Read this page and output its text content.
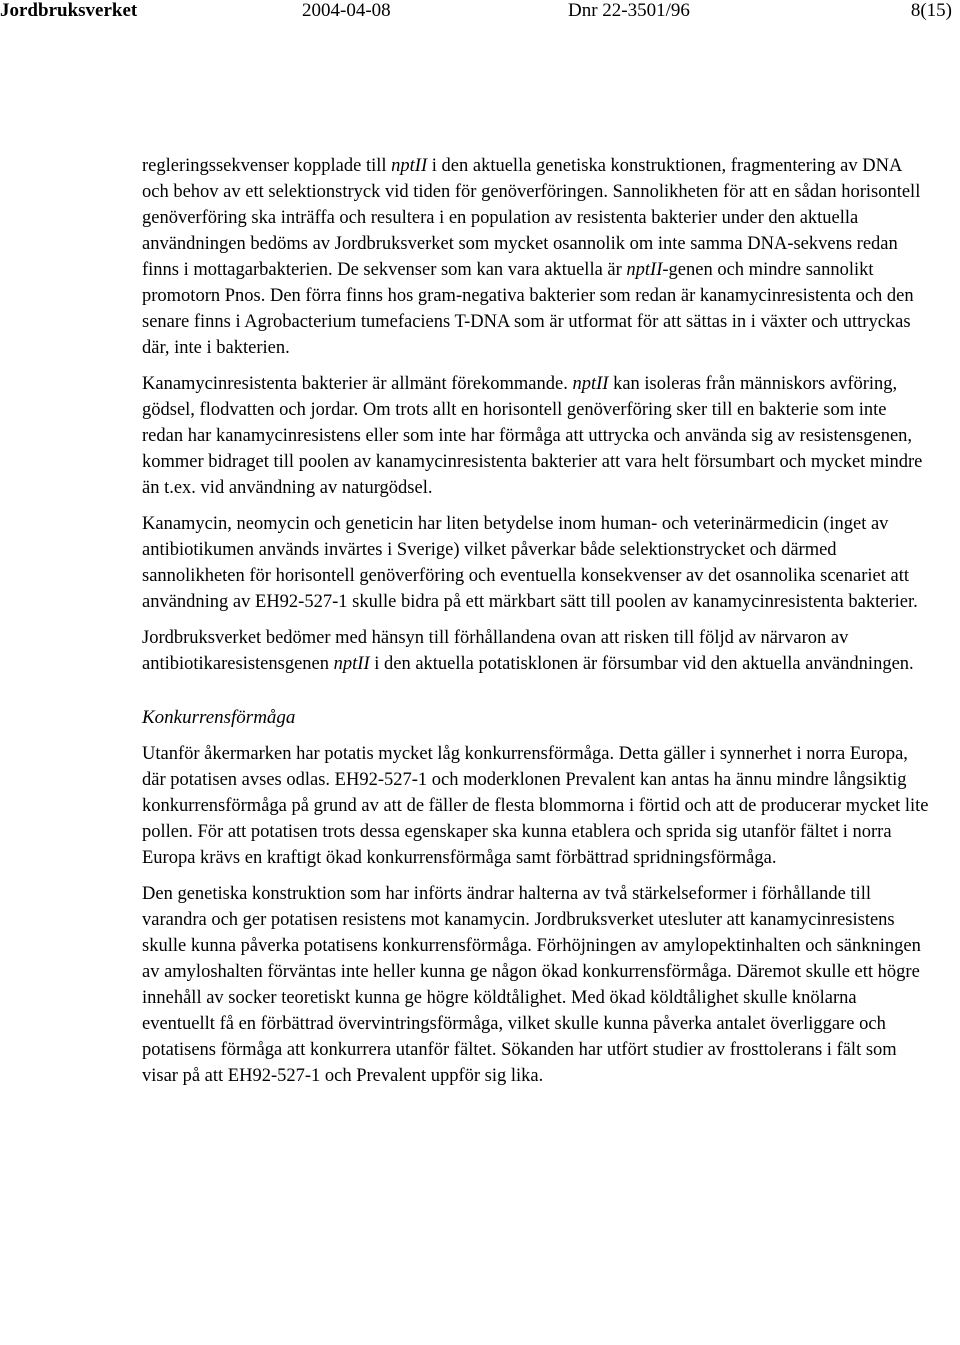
Jordbruksverket	2004-04-08	Dnr 22-3501/96	8(15)

regleringssekvenser kopplade till nptII i den aktuella genetiska konstruktionen, fragmentering av DNA och behov av ett selektionstryck vid tiden för genöverföringen. Sannolikheten för att en sådan horisontell genöverföring ska inträffa och resultera i en population av resistenta bakterier under den aktuella användningen bedöms av Jordbruksverket som mycket osannolik om inte samma DNA-sekvens redan finns i mottagarbakterien. De sekvenser som kan vara aktuella är nptII-genen och mindre sannolikt promotorn Pnos. Den förra finns hos gram-negativa bakterier som redan är kanamycinresistenta och den senare finns i Agrobacterium tumefaciens T-DNA som är utformat för att sättas in i växter och uttryckas där, inte i bakterien.

Kanamycinresistenta bakterier är allmänt förekommande. nptII kan isoleras från människors avföring, gödsel, flodvatten och jordar. Om trots allt en horisontell genöverföring sker till en bakterie som inte redan har kanamycinresistens eller som inte har förmåga att uttrycka och använda sig av resistensgenen, kommer bidraget till poolen av kanamycinresistenta bakterier att vara helt försumbart och mycket mindre än t.ex. vid användning av naturgödsel.

Kanamycin, neomycin och geneticin har liten betydelse inom human- och veterinärmedicin (inget av antibiotikumen används invärtes i Sverige) vilket påverkar både selektionstrycket och därmed sannolikheten för horisontell genöverföring och eventuella konsekvenser av det osannolika scenariet att användning av EH92-527-1 skulle bidra på ett märkbart sätt till poolen av kanamycinresistenta bakterier.

Jordbruksverket bedömer med hänsyn till förhållandena ovan att risken till följd av närvaron av antibiotikaresistensgenen nptII i den aktuella potatisklonen är försumbar vid den aktuella användningen.

Konkurrensförmåga

Utanför åkermarken har potatis mycket låg konkurrensförmåga. Detta gäller i synnerhet i norra Europa, där potatisen avses odlas. EH92-527-1 och moderklonen Prevalent kan antas ha ännu mindre långsiktig konkurrensförmåga på grund av att de fäller de flesta blommorna i förtid och att de producerar mycket lite pollen. För att potatisen trots dessa egenskaper ska kunna etablera och sprida sig utanför fältet i norra Europa krävs en kraftigt ökad konkurrensförmåga samt förbättrad spridningsförmåga.

Den genetiska konstruktion som har införts ändrar halterna av två stärkelseformer i förhållande till varandra och ger potatisen resistens mot kanamycin. Jordbruksverket utesluter att kanamycinresistens skulle kunna påverka potatisens konkurrensförmåga. Förhöjningen av amylopektinhalten och sänkningen av amyloshalten förväntas inte heller kunna ge någon ökad konkurrensförmåga. Däremot skulle ett högre innehåll av socker teoretiskt kunna ge högre köldtålighet. Med ökad köldtålighet skulle knölarna eventuellt få en förbättrad övervintringsförmåga, vilket skulle kunna påverka antalet överliggare och potatisens förmåga att konkurrera utanför fältet. Sökanden har utfört studier av frosttolerans i fält som visar på att EH92-527-1 och Prevalent uppför sig lika.
